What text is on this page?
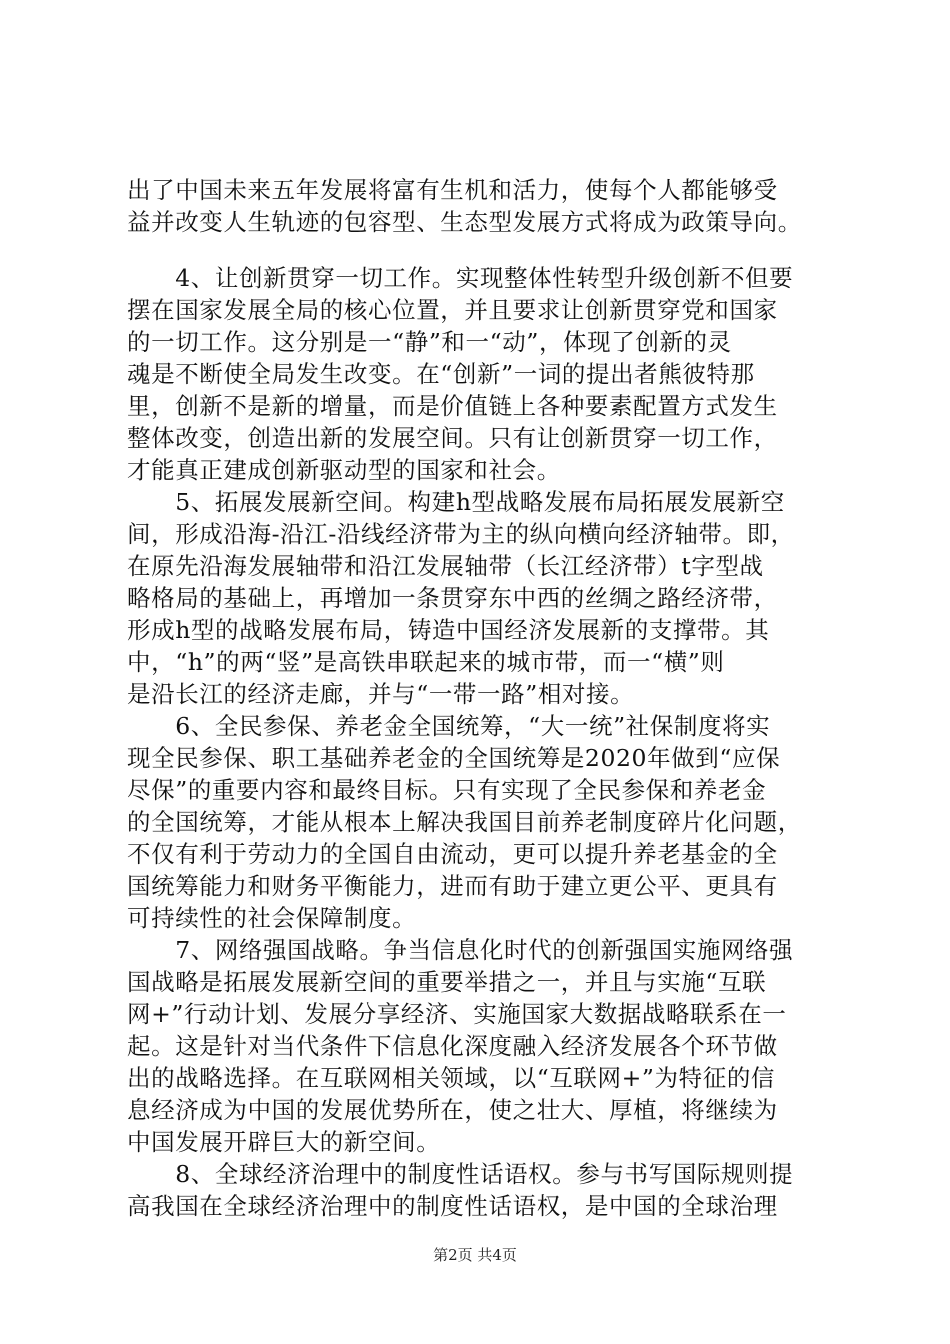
出了中国未来五年发展将富有生机和活力，使每个人都能够受
益并改变人生轨迹的包容型、生态型发展方式将成为政策导向。
　　4、让创新贯穿一切工作。实现整体性转型升级创新不但要
摆在国家发展全局的核心位置，并且要求让创新贯穿党和国家
的一切工作。这分别是一“静”和一“动”，体现了创新的灵
魂是不断使全局发生改变。在“创新”一词的提出者熊彼特那
里，创新不是新的增量，而是价值链上各种要素配置方式发生
整体改变，创造出新的发展空间。只有让创新贯穿一切工作，
才能真正建成创新驱动型的国家和社会。
　　5、拓展发展新空间。构建h型战略发展布局拓展发展新空
间，形成沿海-沿江-沿线经济带为主的纵向横向经济轴带。即，
在原先沿海发展轴带和沿江发展轴带（长江经济带）t字型战
略格局的基础上，再增加一条贯穿东中西的丝绸之路经济带，
形成h型的战略发展布局，铸造中国经济发展新的支撑带。其
中，“h”的两“竖”是高铁串联起来的城市带，而一“横”则
是沿长江的经济走廊，并与“一带一路”相对接。
　　6、全民参保、养老金全国统筹，“大一统”社保制度将实
现全民参保、职工基础养老金的全国统筹是2020年做到“应保
尽保”的重要内容和最终目标。只有实现了全民参保和养老金
的全国统筹，才能从根本上解决我国目前养老制度碎片化问题，
不仅有利于劳动力的全国自由流动，更可以提升养老基金的全
国统筹能力和财务平衡能力，进而有助于建立更公平、更具有
可持续性的社会保障制度。
　　7、网络强国战略。争当信息化时代的创新强国实施网络强
国战略是拓展发展新空间的重要举措之一，并且与实施“互联
网+”行动计划、发展分享经济、实施国家大数据战略联系在一
起。这是针对当代条件下信息化深度融入经济发展各个环节做
出的战略选择。在互联网相关领域，以“互联网+”为特征的信
息经济成为中国的发展优势所在，使之壮大、厚植，将继续为
中国发展开辟巨大的新空间。
　　8、全球经济治理中的制度性话语权。参与书写国际规则提
高我国在全球经济治理中的制度性话语权，是中国的全球治理
第2页 共4页
